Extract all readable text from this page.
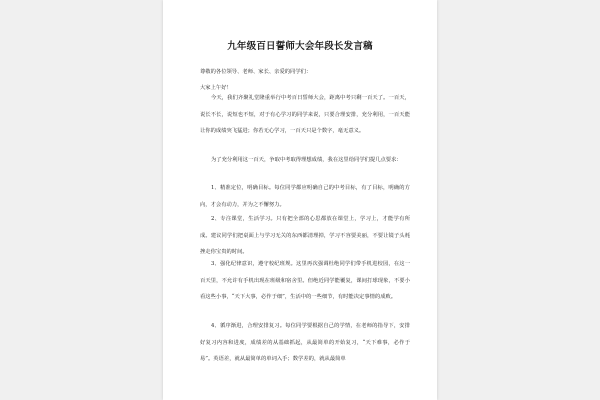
九年级百日誓师大会年段长发言稿

尊敬的各位领导、老师、家长、亲爱的同学们：

大家上午好！

今天，我们齐聚礼堂隆重举行中考百日誓师大会，距离中考只剩一百天了。一百天，说长不长，说短也不短，对于有心学习的同学来说，只要合理安排，充分利用，一百天能让你的成绩突飞猛进；你若无心学习，一百天只是个数字，毫无意义。

为了充分利用这一百天，争取中考取得理想成绩，我在这里给同学们提几点要求：

1、精准定位，明确目标。每位同学都应明确自己的中考目标，有了目标，明确的方向，才会有动力，并为之不懈努力。

2、专注课堂，生活学习。只有把全部的心思都放在课堂上，学习上，才能学有所成。建议同学们把桌面上与学习无关的东西都清理掉，学习不容要美丽，不要让镜子头耗挫走你宝贵的时间。

3、强化纪律意识，遵守校纪班规。这里再次强调杜绝同学们带手机进校园，在这一百天里，不允许有手机出现在班级和宿舍里。但绝近同学能覆复，课间打球现象，不要小看这些小事，“天下大事，必作于细”，生活中的一些细节，有时能决定事情的成败。

4、循序渐进，合理安排复习。每位同学要根据自己的学情，在老师的指导下，安排好复习内容和进度，成绩差的从基础抓起，从最简单的开始复习，“天下难事，必作于易”。英语差，就从最简单的单词入手；数学差的，就从最简单
